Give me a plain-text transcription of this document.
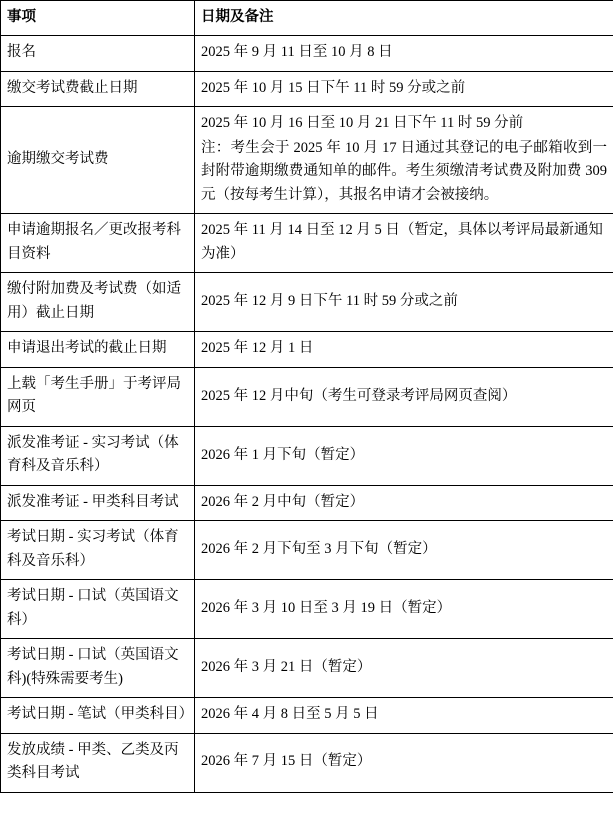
事项	日期及备注
报名	2025 年 9 月 11 日至 10 月 8 日

缴交考试费截止日期	2025 年 10 月 15 日下午 11 时 59 分或之前

逾期缴交考试费	2025 年 10 月 16 日至 10 月 21 日下午 11 时 59 分前

注：考生会于 2025 年 10 月 17 日通过其登记的电子邮箱收到一封附带逾期缴费通知单的邮件。考生须缴清考试费及附加费 309 元（按每考生计算），其报名申请才会被接纳。

申请逾期报名／更改报考科目资料	2025 年 11 月 14 日至 12 月 5 日（暂定，具体以考评局最新通知为准）

缴付附加费及考试费（如适用）截止日期	2025 年 12 月 9 日下午 11 时 59 分或之前

申请退出考试的截止日期	2025 年 12 月 1 日

上载「考生手册」于考评局网页	2025 年 12 月中旬（考生可登录考评局网页查阅）

派发准考证 - 实习考试（体育科及音乐科）	2026 年 1 月下旬（暂定）

派发准考证 - 甲类科目考试	2026 年 2 月中旬（暂定）

考试日期 - 实习考试（体育科及音乐科）	2026 年 2 月下旬至 3 月下旬（暂定）

考试日期 - 口试（英国语文科）	2026 年 3 月 10 日至 3 月 19 日（暂定）

考试日期 - 口试（英国语文科)(特殊需要考生)	2026 年 3 月 21 日（暂定）

考试日期 - 笔试（甲类科目）	2026 年 4 月 8 日至 5 月 5 日

发放成绩 - 甲类、乙类及丙类科目考试	2026 年 7 月 15 日（暂定）
